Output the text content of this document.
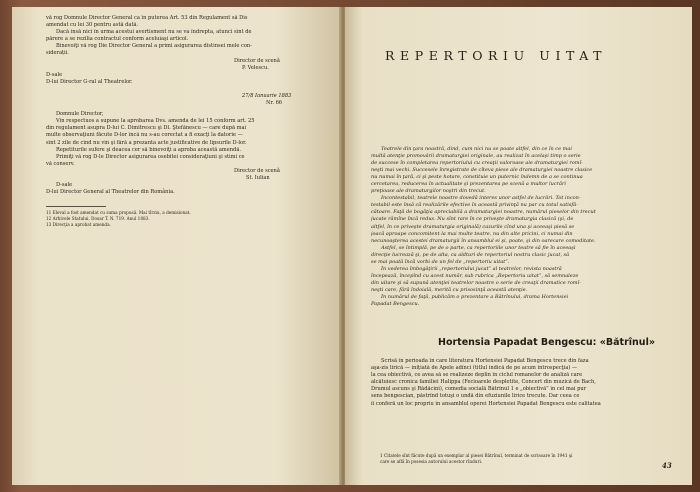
vă rog Domnule Director General ca în puterea Art. 53 din Regulament să Dis

amendat cu lei 30 pentru astă dată.

Dacă insă nici în urma acestui avertisment nu se va îndrepta, atunci sînt de

părere a se rezilia contractul conform aceluiaşi articol.

Binevoiţi vă rog Die Director General a primi asigurarea distinsei mele con-

siderații.

Director de scenă
P. Velescu.
D-sale
D-lui Director G-ral al Theatrelor.
27/8 Ianuarie 1883
Nr. 66

Domnule Director,

Vin respectuos a supune la aprobarea Dvs. amenda de lei 15 conform art. 25

din regulament asupra D-lui C. Dimitrescu şi Dl. Ştefănescu — care după mai

multe observaţiuni făcute D-lor încă nu s-au corectat a fi exacţi la datorie —

sînt 2 zile de cînd nu vin şi fără a prezanta acte justificative de lipsurile D-lor.

Repetiturile sufere şi deacea cer să binevoiţi a aproba această amendă.

Primiţi vă rog D-le Director asigurarea osebitei consideraţiuni şi stimi ce

vă conserv.

Director de scenă
St. Iulian
D-sale
D-lui Director General al Theatrelor din România.
11 Eleval a fost amendat cu suma propusă. Mai tîrziu, a demisionat.
12 Arhivele Statului, Dosar T. N. 719. Anul 1883.
13 Direcţia a aprobat amenda.
REPERTORIU UITAT

Teatrele din ţara noastră, dind, cum nici nu se poate altfel, din ce în ce mai

multă atenţie promovării dramaturgiei originale, au realizat în acelaşi timp o serie

de succese în completarea repertoriului cu creaţii valoroase ale dramaturgiei romî-

neşti mai vechi. Succesele înregistrate de cîteva piese ale dramaturgiei noastre clasice

nu numai în ţară, ci şi peste hotare, constituie un puternic îndemn de a se continua

cercetarea, reducerea în actualitate şi prezentarea pe scenă a multor lucrări

preţioase ale dramaturgilor noştri din trecut.

Incontestabil, teatrele noastre dovedă interes unor astfel de lucrări. Tot incon-

testabil este însă că realizările efective în această privinţă nu par cu totul satisfă-

cătoare. Faţă de bogăţia apreciabilă a dramaturgiei noastre, numărul pieselor din trecut

jucate rămîne încă redus. Nu sînt rare în ce priveşte dramaturgia clasică (şi, de

altfel, în ce priveşte dramaturgia originală) cazurile cînd una şi aceeaşi piesă se

joacă aproape concomitent la mai multe teatre, nu din alte pricini, ci numai din

necunoaşterea acestei dramaturgii în ansamblul ei şi, poate, şi din oarecare comoditate.

Astfel, se întimplă, pe de o parte, ca repertoriile unor teatre să fie în aceeaşi

direcţie lucrează şi, pe de alta, ca aldturi de repertoriul nostru clasic jucat, să

se mai poată încă vorbi de un fel de „repertoriu uitat”.

În vederea îmbogăţirii „repertoriului jucat” al teatrelor, revista noastră

începează, începînd cu acest număr, sub rubrica „Repertoriu uitat”, să semnaleze

din uitare şi să supună atenţiei teatrelor noastre o serie de creaţii dramatice romî-

neşti care, fără îndoială, merită cu prisosinţă această atenţie.

În numărul de faţă, publicăm o prezentare a Bătrînului, drama Hortensiei

Papadat Bengescu.

Hortensia Papadat Bengescu: «Bătrînul»

Scrisă în perioada în care literatura Hortensiei Papadat Bengescu trece din faza

aşa-zis lirică — inițiată de Apele adînci (titlul indică de pe acum introspecţia) —

la cea obiectivă, ce avea să se realizeze deplin în ciclul romanelor de analiză care

alcătuiesc cronica familiei Halippa (Fecioarele despletite, Concert din muzică de Bach,

Drumul ascuns şi Rădăcini), comedia socială Bătrînul 1 e „obiectivă” în cel mai pur

sens bengescian, păstrînd totuşi o undă din efuziunile lirice trecute. Dar ceea ce

îi conferă un loc propriu în ansamblul operei Hortensiei Papadat Bengescu este calitatea

1 Citatele sînt făcute după un exemplar al piesei Bătrînul, terminat de scrisoare în 1941 şi
care se află în posesia autorului acestor rînduri.	43
